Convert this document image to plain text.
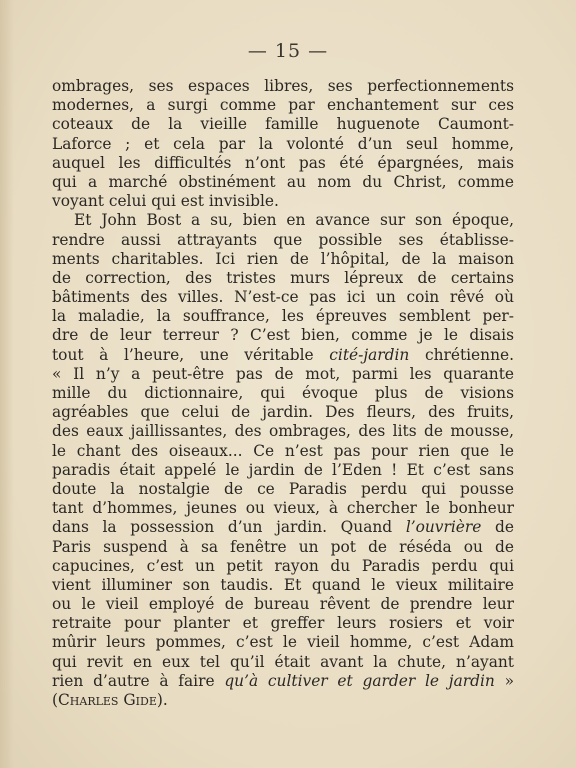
— 15 —
ombrages, ses espaces libres, ses perfectionnements
modernes, a surgi comme par enchantement sur ces
coteaux de la vieille famille huguenote Caumont-
Laforce ; et cela par la volonté d’un seul homme,
auquel les difficultés n’ont pas été épargnées, mais
qui a marché obstinément au nom du Christ, comme
voyant celui qui est invisible.
Et John Bost a su, bien en avance sur son époque,
rendre aussi attrayants que possible ses établisse-
ments charitables. Ici rien de l’hôpital, de la maison
de correction, des tristes murs lépreux de certains
bâtiments des villes. N’est-ce pas ici un coin rêvé où
la maladie, la souffrance, les épreuves semblent per-
dre de leur terreur ? C’est bien, comme je le disais
tout à l’heure, une véritable cité-jardin chrétienne.
« Il n’y a peut-être pas de mot, parmi les quarante
mille du dictionnaire, qui évoque plus de visions
agréables que celui de jardin. Des fleurs, des fruits,
des eaux jaillissantes, des ombrages, des lits de mousse,
le chant des oiseaux... Ce n’est pas pour rien que le
paradis était appelé le jardin de l’Eden ! Et c’est sans
doute la nostalgie de ce Paradis perdu qui pousse
tant d’hommes, jeunes ou vieux, à chercher le bonheur
dans la possession d’un jardin. Quand l’ouvrière de
Paris suspend à sa fenêtre un pot de réséda ou de
capucines, c’est un petit rayon du Paradis perdu qui
vient illuminer son taudis. Et quand le vieux militaire
ou le vieil employé de bureau rêvent de prendre leur
retraite pour planter et greffer leurs rosiers et voir
mûrir leurs pommes, c’est le vieil homme, c’est Adam
qui revit en eux tel qu’il était avant la chute, n’ayant
rien d’autre à faire qu’à cultiver et garder le jardin »
(Charles Gide).
